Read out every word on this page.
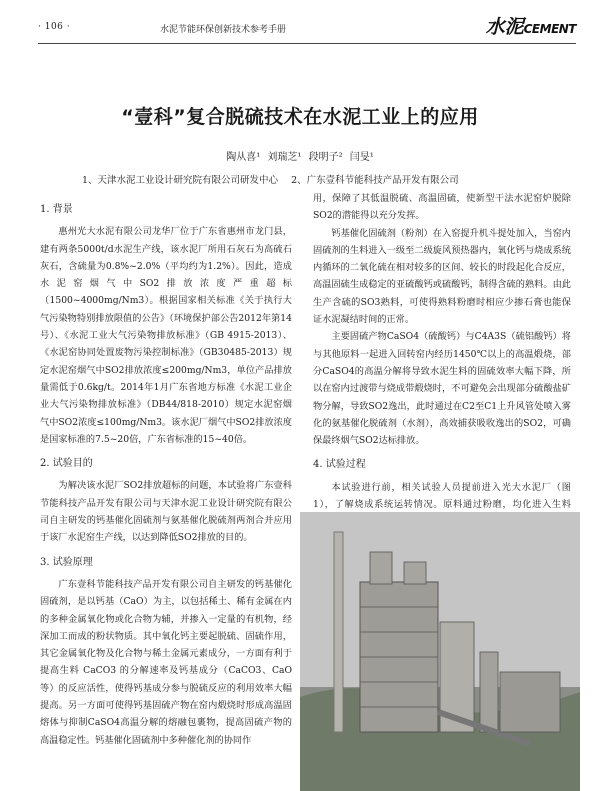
· 106 ·	水泥节能环保创新技术参考手册	水泥CEMENT
“壹科”复合脱硫技术在水泥工业上的应用
陶从喜¹ 刘瑞芝¹ 段明子² 闫旻¹
1、天津水泥工业设计研究院有限公司研发中心 2、广东壹科节能科技产品开发有限公司
1. 背景

惠州光大水泥有限公司龙华厂位于广东省惠州市龙门县，建有两条5000t/d水泥生产线，该水泥厂所用石灰石为高硫石灰石，含硫量为0.8%~2.0%（平均约为1.2%）。因此，造成水泥窑烟气中SO2排放浓度严重超标（1500~4000mg/Nm3）。根据国家相关标准《关于执行大气污染物特别排放限值的公告》（环境保护部公告2012年第14号）、《水泥工业大气污染物排放标准》（GB 4915-2013）、《水泥窑协同处置废物污染控制标准》（GB30485-2013）规定水泥窑烟气中SO2排放浓度≤200mg/Nm3，单位产品排放量需低于0.6kg/t。2014年1月广东省地方标准《水泥工业企业大气污染物排放标准》（DB44/818-2010）规定水泥窑烟气中SO2浓度≤100mg/Nm3。该水泥厂烟气中SO2排放浓度是国家标准的7.5~20倍，广东省标准的15~40倍。

2. 试验目的

为解决该水泥厂SO2排放超标的问题，本试验将广东壹科节能科技产品开发有限公司与天津水泥工业设计研究院有限公司自主研发的钙基催化固硫剂与氨基催化脱硫剂两剂合并应用于该厂水泥窑生产线，以达到降低SO2排放的目的。

3. 试验原理

广东壹科节能科技产品开发有限公司自主研发的钙基催化固硫剂，是以钙基（CaO）为主，以包括稀土、稀有金属在内的多种金属氧化物或化合物为辅，并掺入一定量的有机物，经深加工而成的粉状物质。其中氧化钙主要起脱硫、固硫作用，其它金属氧化物及化合物与稀土金属元素成分，一方面有利于提高生料 CaCO3 的分解速率及钙基成分（CaCO3、CaO 等）的反应活性，使得钙基成分参与脱硫反应的利用效率大幅提高。另一方面可使得钙基固硫产物在窑内煅烧时形成高温固熔体与抑制CaSO4高温分解的熔融包裹物，提高固硫产物的高温稳定性。钙基催化固硫剂中多种催化剂的协同作

用，保障了其低温脱硫、高温固硫，使新型干法水泥窑炉脱除SO2的潜能得以充分发挥。

钙基催化固硫剂（粉剂）在入窑提升机斗提处加入，当窑内固硫剂的生料进入一级至二级旋风预热器内，氧化钙与烧成系统内循环的二氧化硫在相对较多的区间、较长的时段起化合反应，高温固硫生成稳定的亚硫酸钙或硫酸钙，制得含硫的熟料。由此生产含硫的SO3熟料，可使得熟料粉磨时相应少掺石膏也能保证水泥凝结时间的正常。

主要固硫产物CaSO4（硫酸钙）与C4A3S（硫铝酸钙）将与其他原料一起进入回转窑内经历1450℃以上的高温煅烧，部分CaSO4的高温分解将导致水泥生料的固硫效率大幅下降，所以在窑内过渡带与烧成带煅烧时，不可避免会出现部分硫酸盐矿物分解，导致SO2逸出，此时通过在C2至C1上升风管处喷入雾化的氨基催化脱硫剂（水剂），高效捕获吸收逸出的SO2，可确保最终烟气SO2达标排放。

4. 试验过程

本试验进行前，相关试验人员提前进入光大水泥厂（图1），了解烧成系统运转情况。原料通过粉磨，均化进入生料
